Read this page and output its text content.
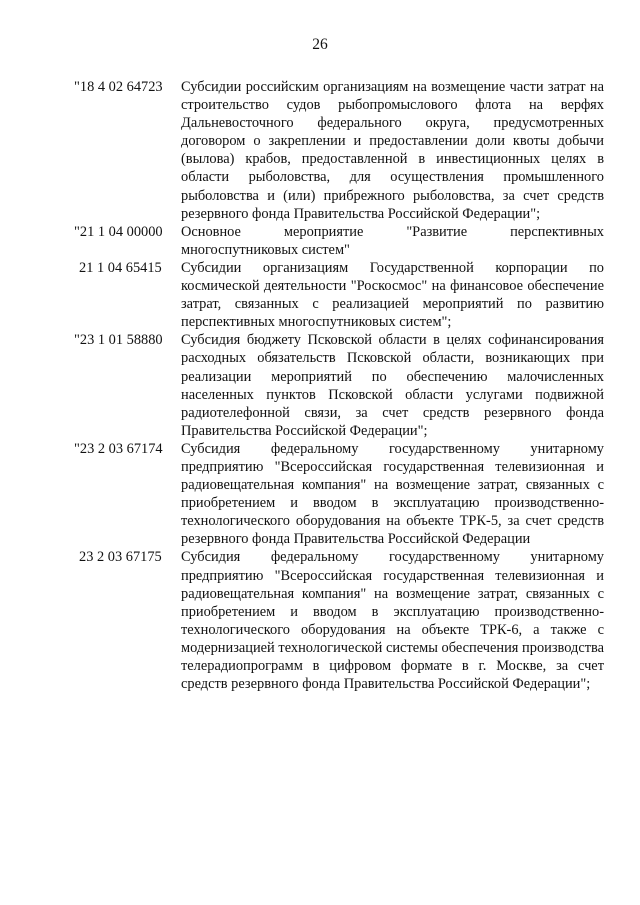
26
"18 4 02 64723	Субсидии российским организациям на возмещение части затрат на строительство судов рыбопромыслового флота на верфях Дальневосточного федерального округа, предусмотренных договором о закреплении и предоставлении доли квоты добычи (вылова) крабов, предоставленной в инвестиционных целях в области рыболовства, для осуществления промышленного рыболовства и (или) прибрежного рыболовства, за счет средств резервного фонда Правительства Российской Федерации";
"21 1 04 00000	Основное мероприятие "Развитие перспективных многоспутниковых систем"
21 1 04 65415	Субсидии организациям Государственной корпорации по космической деятельности "Роскосмос" на финансовое обеспечение затрат, связанных с реализацией мероприятий по развитию перспективных многоспутниковых систем";
"23 1 01 58880	Субсидия бюджету Псковской области в целях софинансирования расходных обязательств Псковской области, возникающих при реализации мероприятий по обеспечению малочисленных населенных пунктов Псковской области услугами подвижной радиотелефонной связи, за счет средств резервного фонда Правительства Российской Федерации";
"23 2 03 67174	Субсидия федеральному государственному унитарному предприятию "Всероссийская государственная телевизионная и радиовещательная компания" на возмещение затрат, связанных с приобретением и вводом в эксплуатацию производственно-технологического оборудования на объекте ТРК-5, за счет средств резервного фонда Правительства Российской Федерации
23 2 03 67175	Субсидия федеральному государственному унитарному предприятию "Всероссийская государственная телевизионная и радиовещательная компания" на возмещение затрат, связанных с приобретением и вводом в эксплуатацию производственно-технологического оборудования на объекте ТРК-6, а также с модернизацией технологической системы обеспечения производства телерадиопрограмм в цифровом формате в г. Москве, за счет средств резервного фонда Правительства Российской Федерации";
